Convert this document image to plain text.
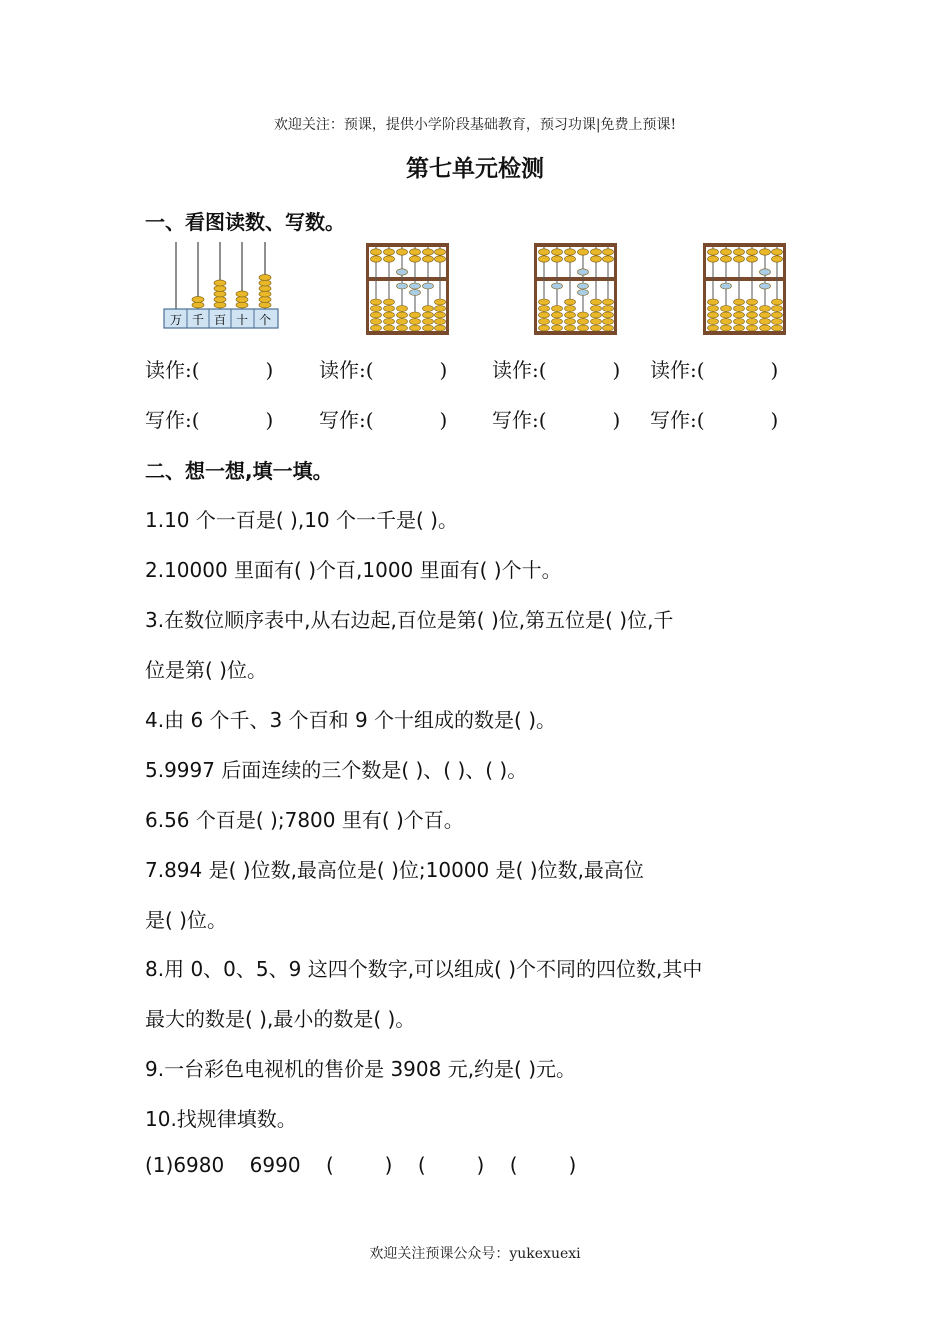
欢迎关注：预课，提供小学阶段基础教育，预习功课|免费上预课!
第七单元检测
一、看图读数、写数。
万 千 百 十 个
读作:(	) 读作:(	) 读作:(	) 读作:(	)
写作:(	) 写作:(	) 写作:(	) 写作:(	)
二、想一想,填一填。
1.10 个一百是( ),10 个一千是( )。
2.10000 里面有( )个百,1000 里面有( )个十。
3.在数位顺序表中,从右边起,百位是第( )位,第五位是( )位,千
位是第( )位。
4.由 6 个千、3 个百和 9 个十组成的数是( )。
5.9997 后面连续的三个数是( )、( )、( )。
6.56 个百是( );7800 里有( )个百。
7.894 是( )位数,最高位是( )位;10000 是( )位数,最高位
是( )位。
8.用 0、0、5、9 这四个数字,可以组成( )个不同的四位数,其中
最大的数是( ),最小的数是( )。
9.一台彩色电视机的售价是 3908 元,约是( )元。
10.找规律填数。
(1)6980    6990    (        )    (        )    (        )
欢迎关注预课公众号：yukexuexi
